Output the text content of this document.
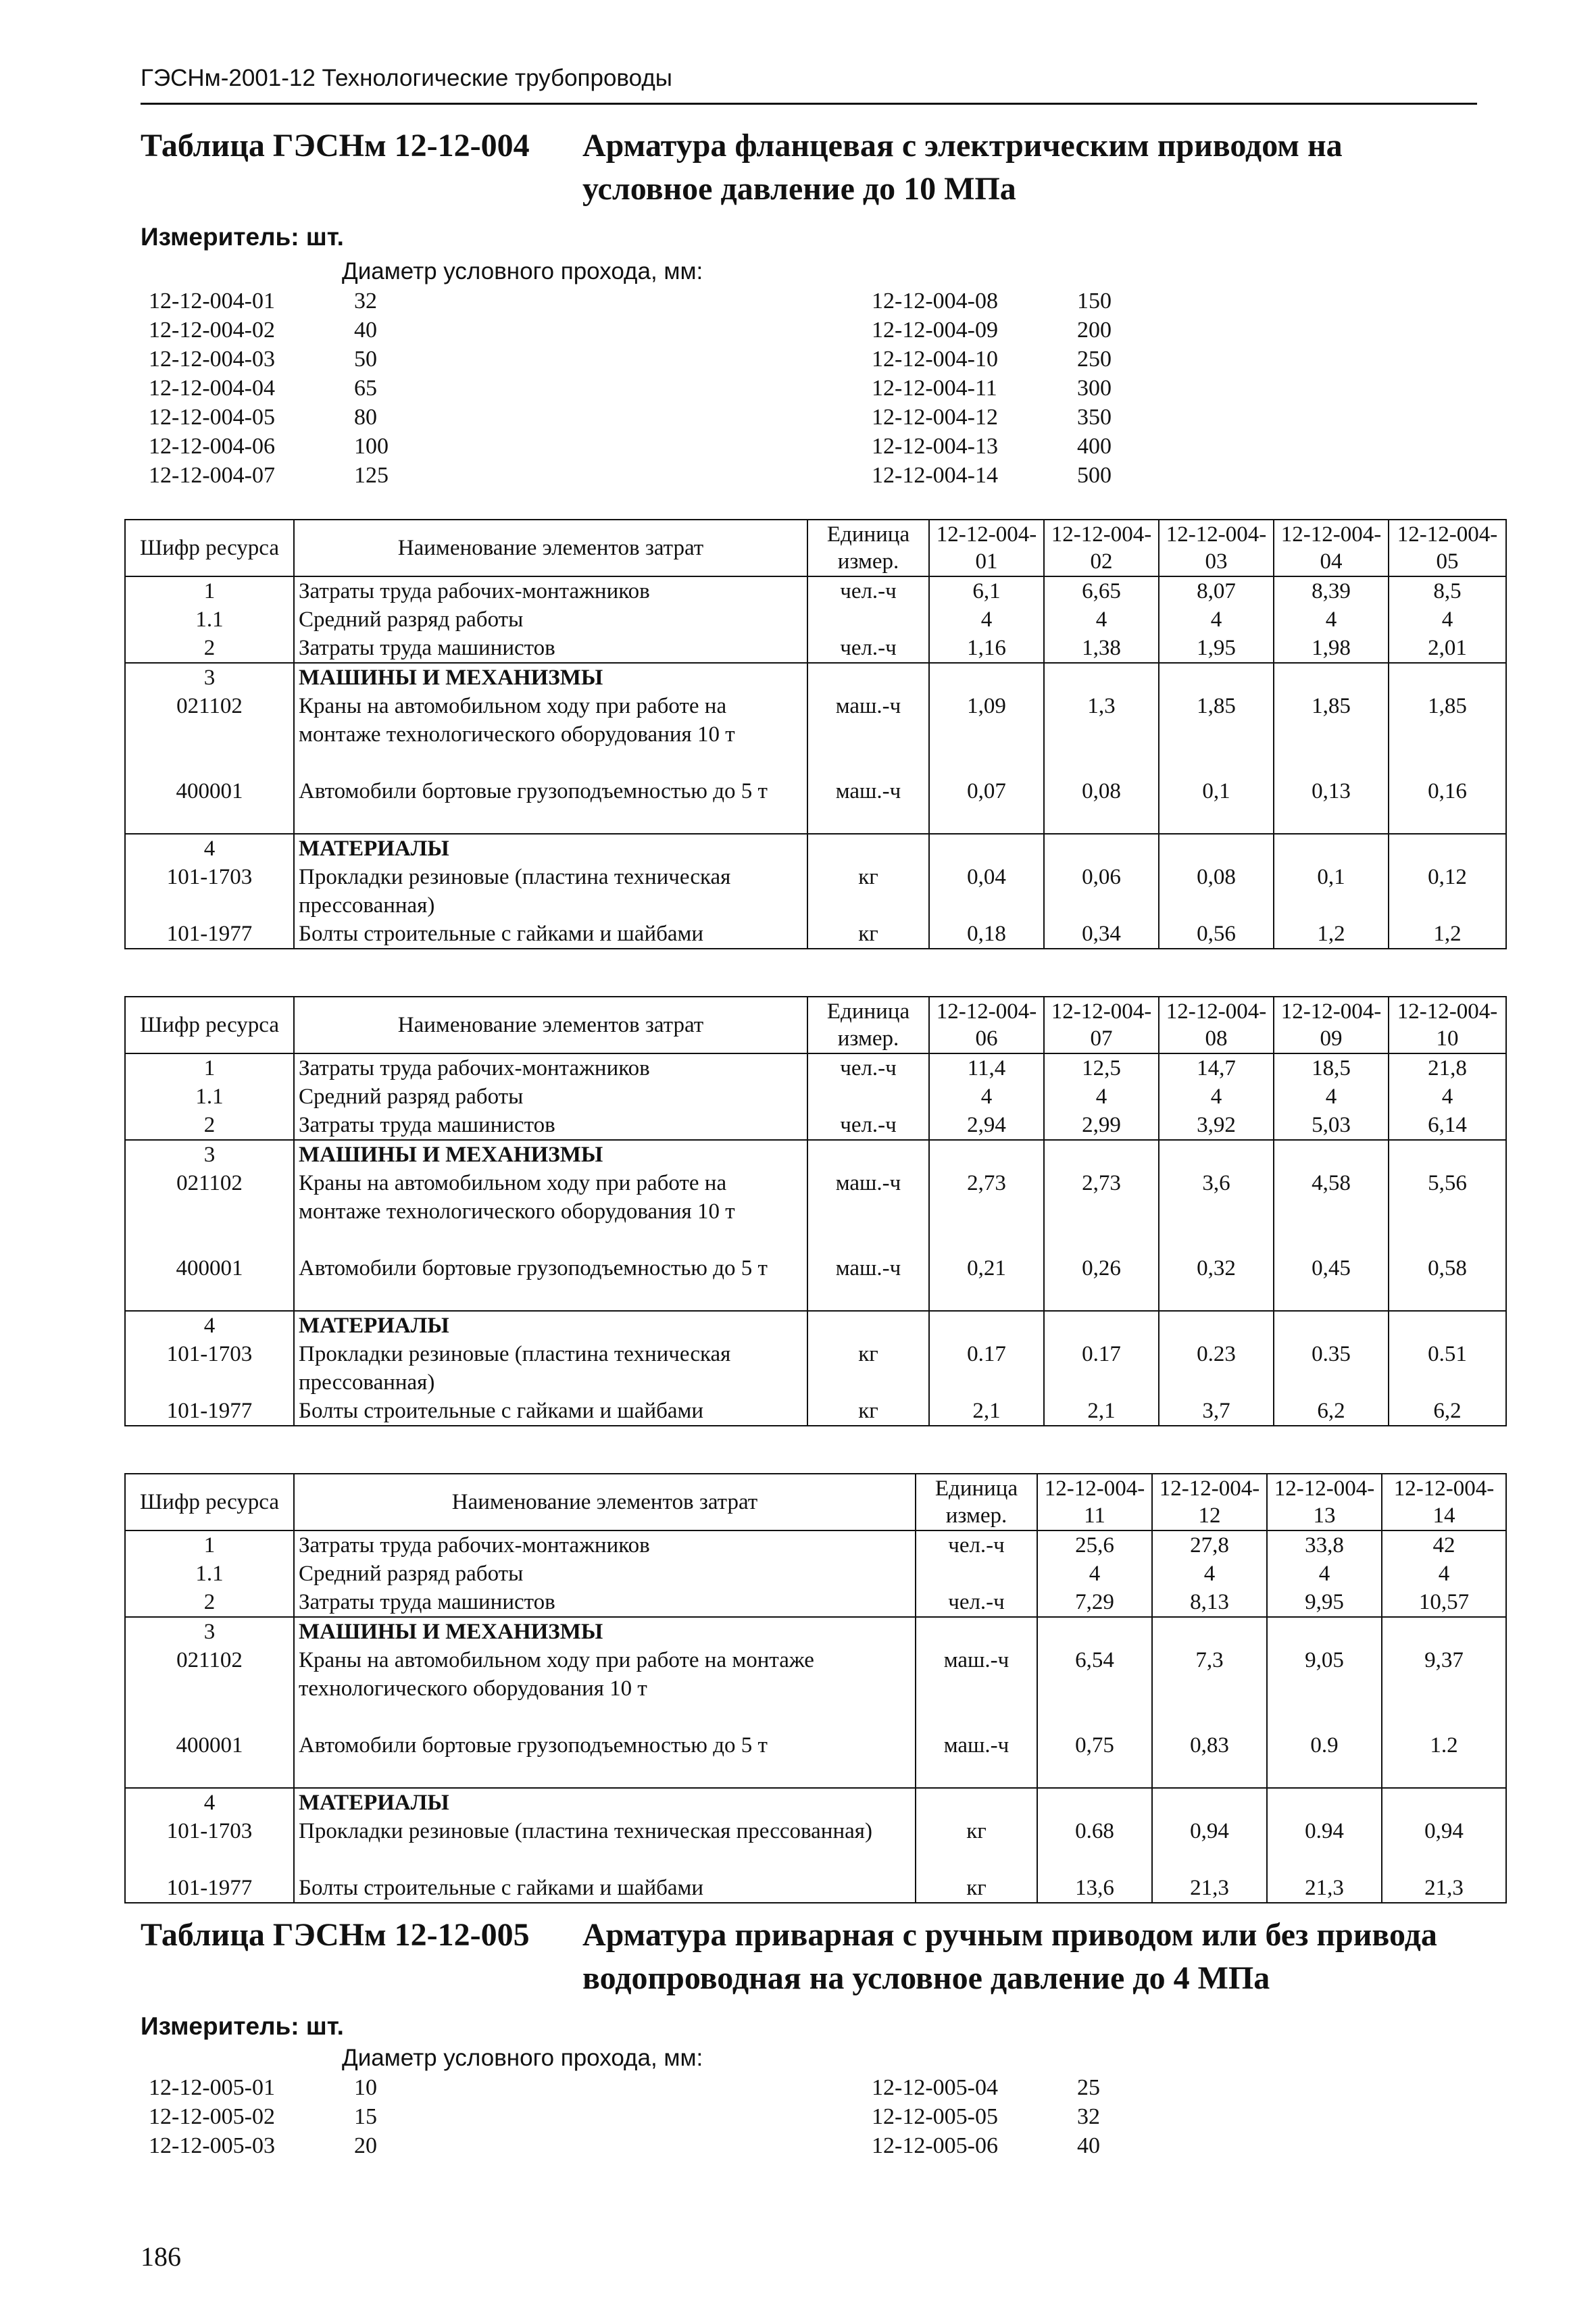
ГЭСНм-2001-12 Технологические трубопроводы
Таблица ГЭСНм 12-12-004 Арматура фланцевая с электрическим приводом на условное давление до 10 МПа
Измеритель: шт.
Диаметр условного прохода, мм:
12-12-004-01	32
12-12-004-02	40
12-12-004-03	50
12-12-004-04	65
12-12-004-05	80
12-12-004-06	100
12-12-004-07	125
12-12-004-08	150
12-12-004-09	200
12-12-004-10	250
12-12-004-11	300
12-12-004-12	350
12-12-004-13	400
12-12-004-14	500
Шифр ресурса	Наименование элементов затрат	Единица измер.	12-12-004-01	12-12-004-02	12-12-004-03	12-12-004-04	12-12-004-05
1	Затраты труда рабочих-монтажников	чел.-ч	6,1	6,65	8,07	8,39	8,5
1.1	Средний разряд работы		4	4	4	4	4
2	Затраты труда машинистов	чел.-ч	1,16	1,38	1,95	1,98	2,01
3	МАШИНЫ И МЕХАНИЗМЫ						
021102	Краны на автомобильном ходу при работе на монтаже технологического оборудования 10 т	маш.-ч	1,09	1,3	1,85	1,85	1,85
400001	Автомобили бортовые грузоподъемностью до 5 т	маш.-ч	0,07	0,08	0,1	0,13	0,16
4	МАТЕРИАЛЫ						
101-1703	Прокладки резиновые (пластина техническая прессованная)	кг	0,04	0,06	0,08	0,1	0,12
101-1977	Болты строительные с гайками и шайбами	кг	0,18	0,34	0,56	1,2	1,2
Шифр ресурса	Наименование элементов затрат	Единица измер.	12-12-004-06	12-12-004-07	12-12-004-08	12-12-004-09	12-12-004-10
1	Затраты труда рабочих-монтажников	чел.-ч	11,4	12,5	14,7	18,5	21,8
1.1	Средний разряд работы		4	4	4	4	4
2	Затраты труда машинистов	чел.-ч	2,94	2,99	3,92	5,03	6,14
3	МАШИНЫ И МЕХАНИЗМЫ						
021102	Краны на автомобильном ходу при работе на монтаже технологического оборудования 10 т	маш.-ч	2,73	2,73	3,6	4,58	5,56
400001	Автомобили бортовые грузоподъемностью до 5 т	маш.-ч	0,21	0,26	0,32	0,45	0,58
4	МАТЕРИАЛЫ						
101-1703	Прокладки резиновые (пластина техническая прессованная)	кг	0.17	0.17	0.23	0.35	0.51
101-1977	Болты строительные с гайками и шайбами	кг	2,1	2,1	3,7	6,2	6,2
Шифр ресурса	Наименование элементов затрат	Единица измер.	12-12-004-11	12-12-004-12	12-12-004-13	12-12-004-14
1	Затраты труда рабочих-монтажников	чел.-ч	25,6	27,8	33,8	42
1.1	Средний разряд работы		4	4	4	4
2	Затраты труда машинистов	чел.-ч	7,29	8,13	9,95	10,57
3	МАШИНЫ И МЕХАНИЗМЫ					
021102	Краны на автомобильном ходу при работе на монтаже технологического оборудования 10 т	маш.-ч	6,54	7,3	9,05	9,37
400001	Автомобили бортовые грузоподъемностью до 5 т	маш.-ч	0,75	0,83	0.9	1.2
4	МАТЕРИАЛЫ					
101-1703	Прокладки резиновые (пластина техническая прессованная)	кг	0.68	0,94	0.94	0,94
101-1977	Болты строительные с гайками и шайбами	кг	13,6	21,3	21,3	21,3
Таблица ГЭСНм 12-12-005 Арматура приварная с ручным приводом или без привода водопроводная на условное давление до 4 МПа
Измеритель: шт.
Диаметр условного прохода, мм:
12-12-005-01	10
12-12-005-02	15
12-12-005-03	20
12-12-005-04	25
12-12-005-05	32
12-12-005-06	40
186
